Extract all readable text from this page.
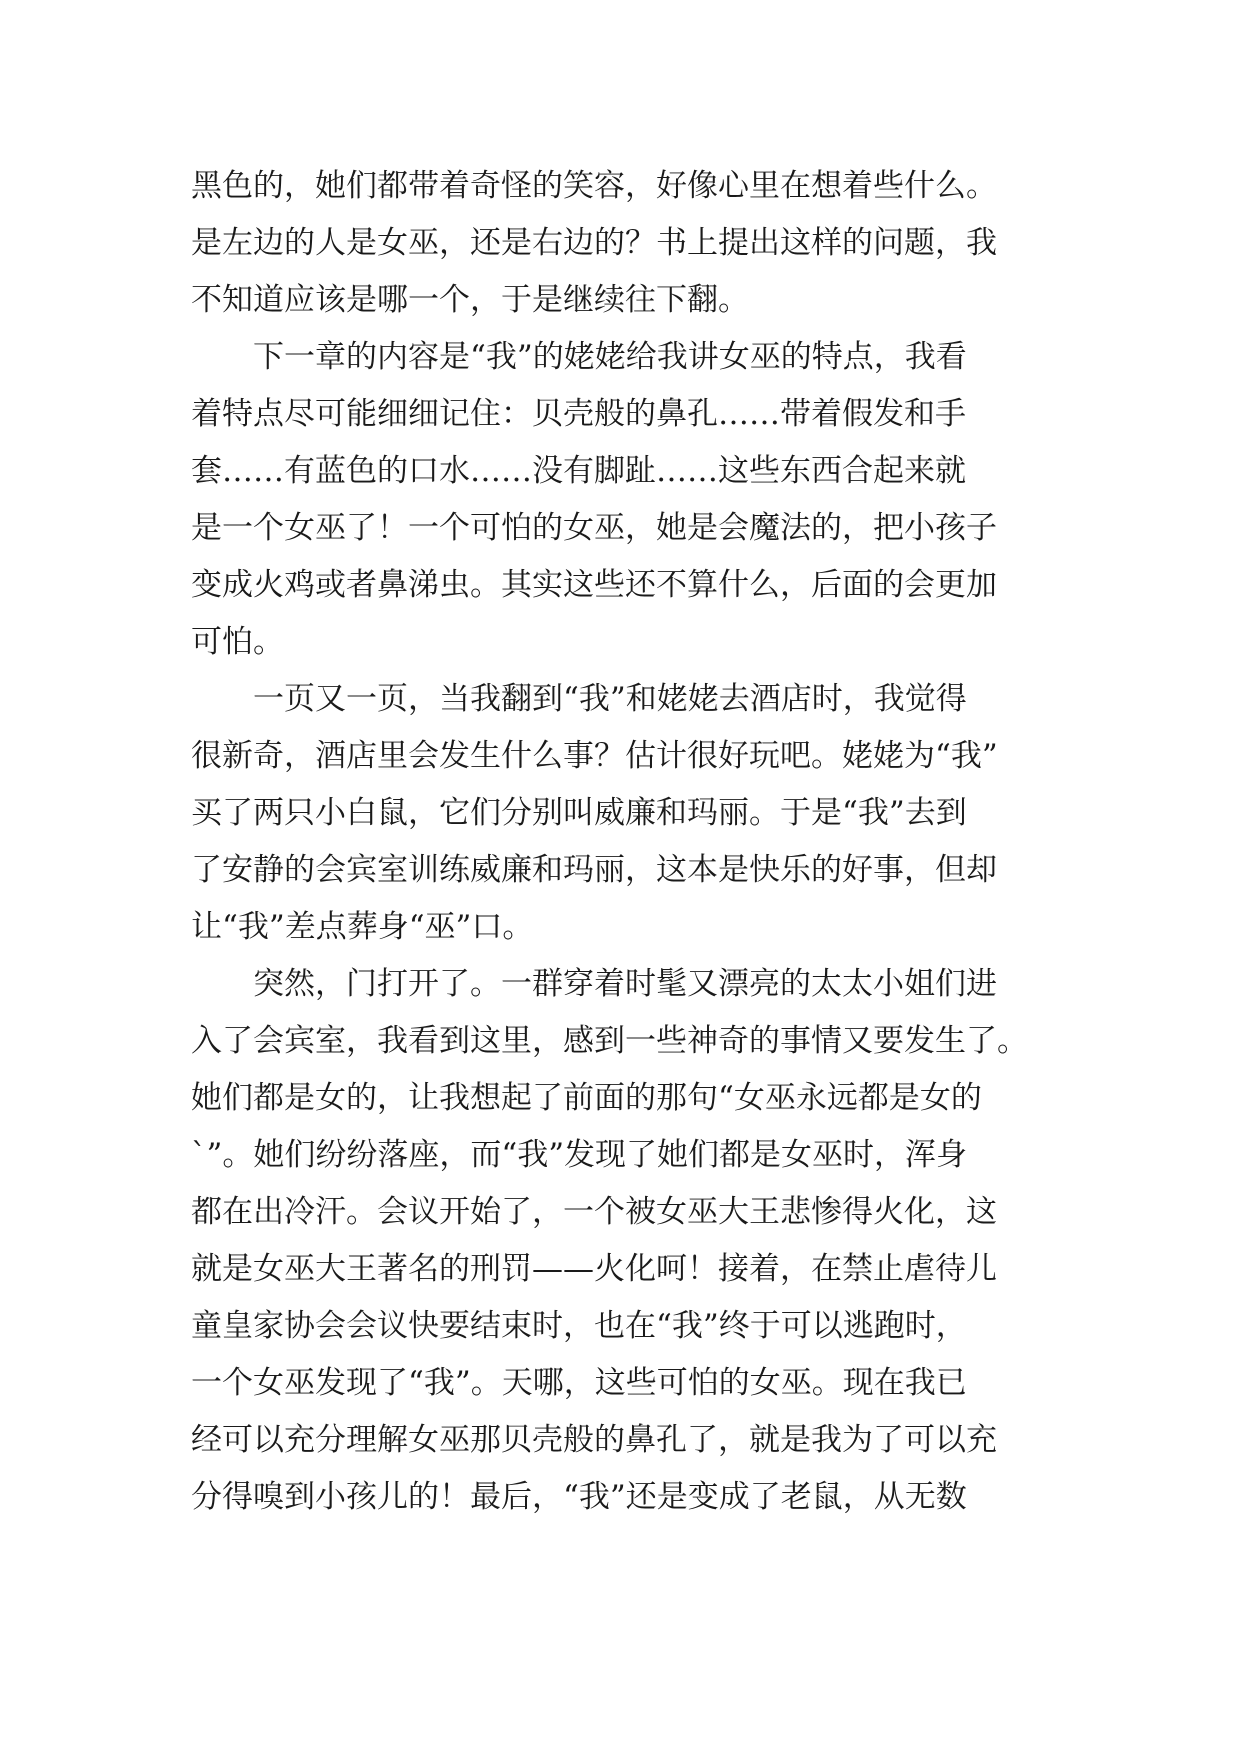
黑色的，她们都带着奇怪的笑容，好像心里在想着些什么。
是左边的人是女巫，还是右边的？书上提出这样的问题，我
不知道应该是哪一个，于是继续往下翻。
　　下一章的内容是“我”的姥姥给我讲女巫的特点，我看
着特点尽可能细细记住：贝壳般的鼻孔……带着假发和手
套……有蓝色的口水……没有脚趾……这些东西合起来就
是一个女巫了！一个可怕的女巫，她是会魔法的，把小孩子
变成火鸡或者鼻涕虫。其实这些还不算什么，后面的会更加
可怕。
　　一页又一页，当我翻到“我”和姥姥去酒店时，我觉得
很新奇，酒店里会发生什么事？估计很好玩吧。姥姥为“我”
买了两只小白鼠，它们分别叫威廉和玛丽。于是“我”去到
了安静的会宾室训练威廉和玛丽，这本是快乐的好事，但却
让“我”差点葬身“巫”口。
　　突然，门打开了。一群穿着时髦又漂亮的太太小姐们进
入了会宾室，我看到这里，感到一些神奇的事情又要发生了。
她们都是女的，让我想起了前面的那句“女巫永远都是女的
`”。她们纷纷落座，而“我”发现了她们都是女巫时，浑身
都在出冷汗。会议开始了，一个被女巫大王悲惨得火化，这
就是女巫大王著名的刑罚——火化呵！接着，在禁止虐待儿
童皇家协会会议快要结束时，也在“我”终于可以逃跑时，
一个女巫发现了“我”。天哪，这些可怕的女巫。现在我已
经可以充分理解女巫那贝壳般的鼻孔了，就是我为了可以充
分得嗅到小孩儿的！最后，“我”还是变成了老鼠，从无数
